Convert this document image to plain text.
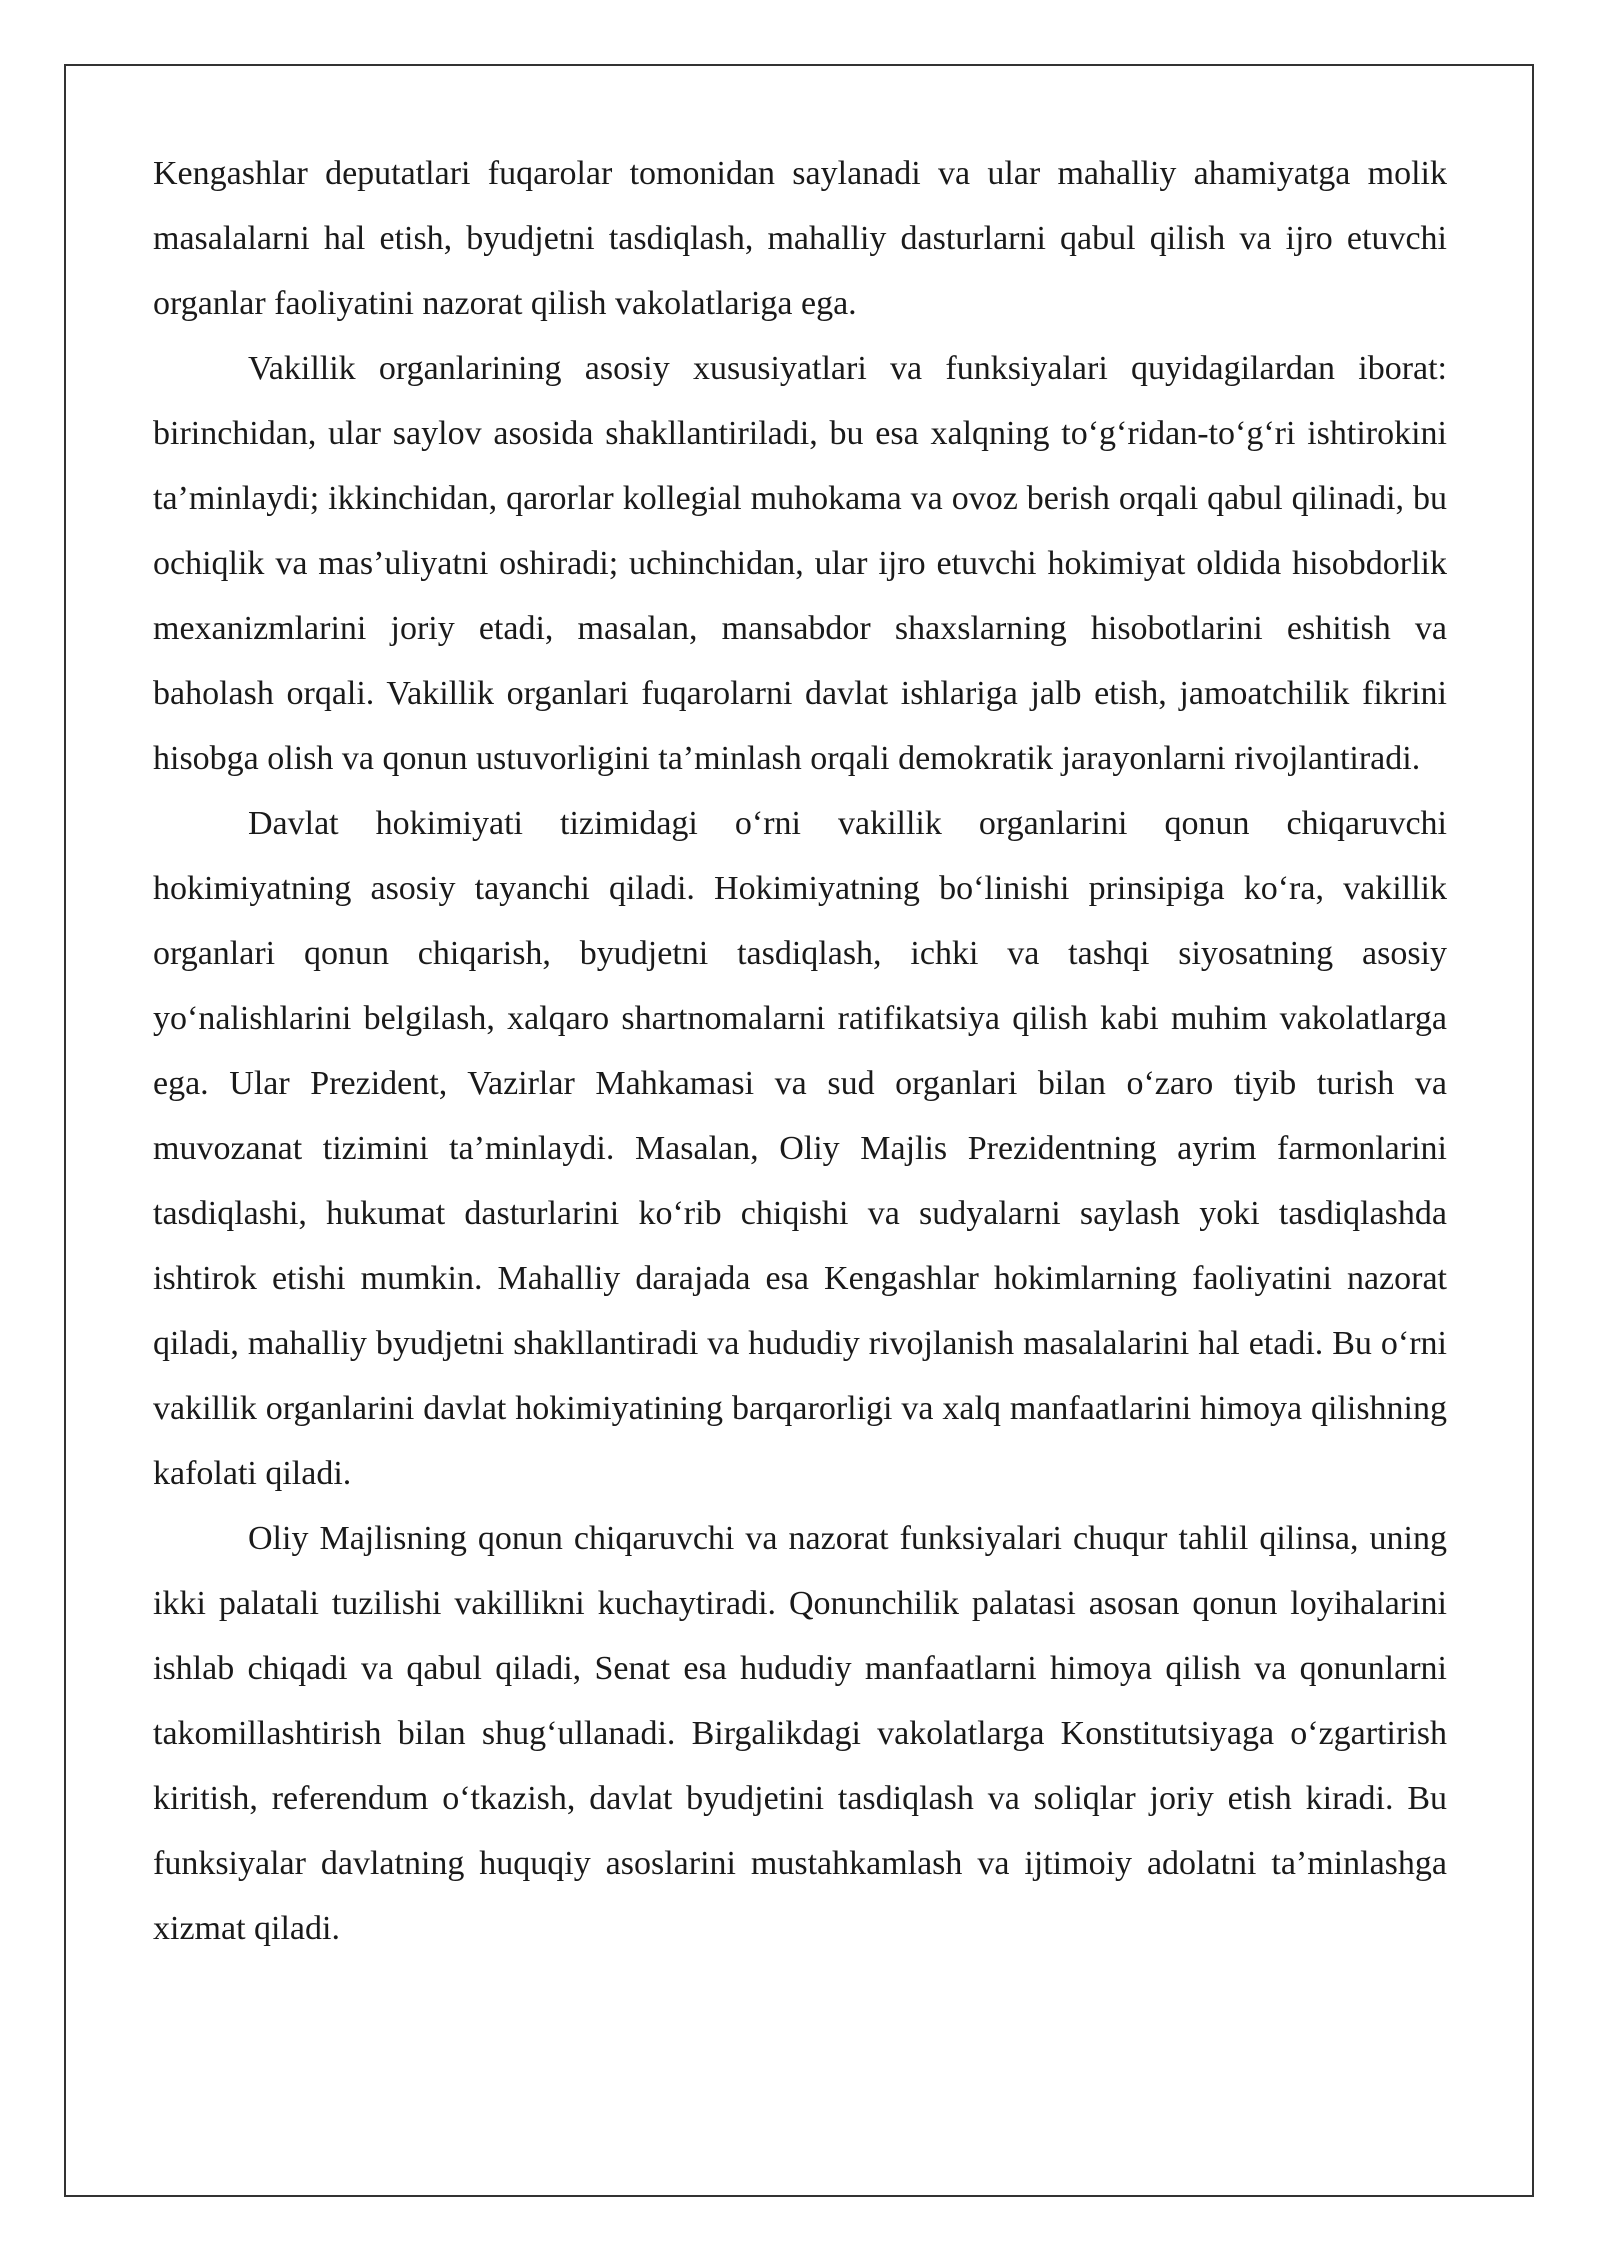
Kengashlar deputatlari fuqarolar tomonidan saylanadi va ular mahalliy ahamiyatga molik masalalarni hal etish, byudjetni tasdiqlash, mahalliy dasturlarni qabul qilish va ijro etuvchi organlar faoliyatini nazorat qilish vakolatlariga ega.

Vakillik organlarining asosiy xususiyatlari va funksiyalari quyidagilardan iborat: birinchidan, ular saylov asosida shakllantiriladi, bu esa xalqning to‘g‘ridan-to‘g‘ri ishtirokini ta’minlaydi; ikkinchidan, qarorlar kollegial muhokama va ovoz berish orqali qabul qilinadi, bu ochiqlik va mas’uliyatni oshiradi; uchinchidan, ular ijro etuvchi hokimiyat oldida hisobdorlik mexanizmlarini joriy etadi, masalan, mansabdor shaxslarning hisobotlarini eshitish va baholash orqali. Vakillik organlari fuqarolarni davlat ishlariga jalb etish, jamoatchilik fikrini hisobga olish va qonun ustuvorligini ta’minlash orqali demokratik jarayonlarni rivojlantiradi.

Davlat hokimiyati tizimidagi o‘rni vakillik organlarini qonun chiqaruvchi hokimiyatning asosiy tayanchi qiladi. Hokimiyatning bo‘linishi prinsipiga ko‘ra, vakillik organlari qonun chiqarish, byudjetni tasdiqlash, ichki va tashqi siyosatning asosiy yo‘nalishlarini belgilash, xalqaro shartnomalarni ratifikatsiya qilish kabi muhim vakolatlarga ega. Ular Prezident, Vazirlar Mahkamasi va sud organlari bilan o‘zaro tiyib turish va muvozanat tizimini ta’minlaydi. Masalan, Oliy Majlis Prezidentning ayrim farmonlarini tasdiqlashi, hukumat dasturlarini ko‘rib chiqishi va sudyalarni saylash yoki tasdiqlashda ishtirok etishi mumkin. Mahalliy darajada esa Kengashlar hokimlarning faoliyatini nazorat qiladi, mahalliy byudjetni shakllantiradi va hududiy rivojlanish masalalarini hal etadi. Bu o‘rni vakillik organlarini davlat hokimiyatining barqarorligi va xalq manfaatlarini himoya qilishning kafolati qiladi.

Oliy Majlisning qonun chiqaruvchi va nazorat funksiyalari chuqur tahlil qilinsa, uning ikki palatali tuzilishi vakillikni kuchaytiradi. Qonunchilik palatasi asosan qonun loyihalarini ishlab chiqadi va qabul qiladi, Senat esa hududiy manfaatlarni himoya qilish va qonunlarni takomillashtirish bilan shug‘ullanadi. Birgalikdagi vakolatlarga Konstitutsiyaga o‘zgartirish kiritish, referendum o‘tkazish, davlat byudjetini tasdiqlash va soliqlar joriy etish kiradi. Bu funksiyalar davlatning huquqiy asoslarini mustahkamlash va ijtimoiy adolatni ta’minlashga xizmat qiladi.
